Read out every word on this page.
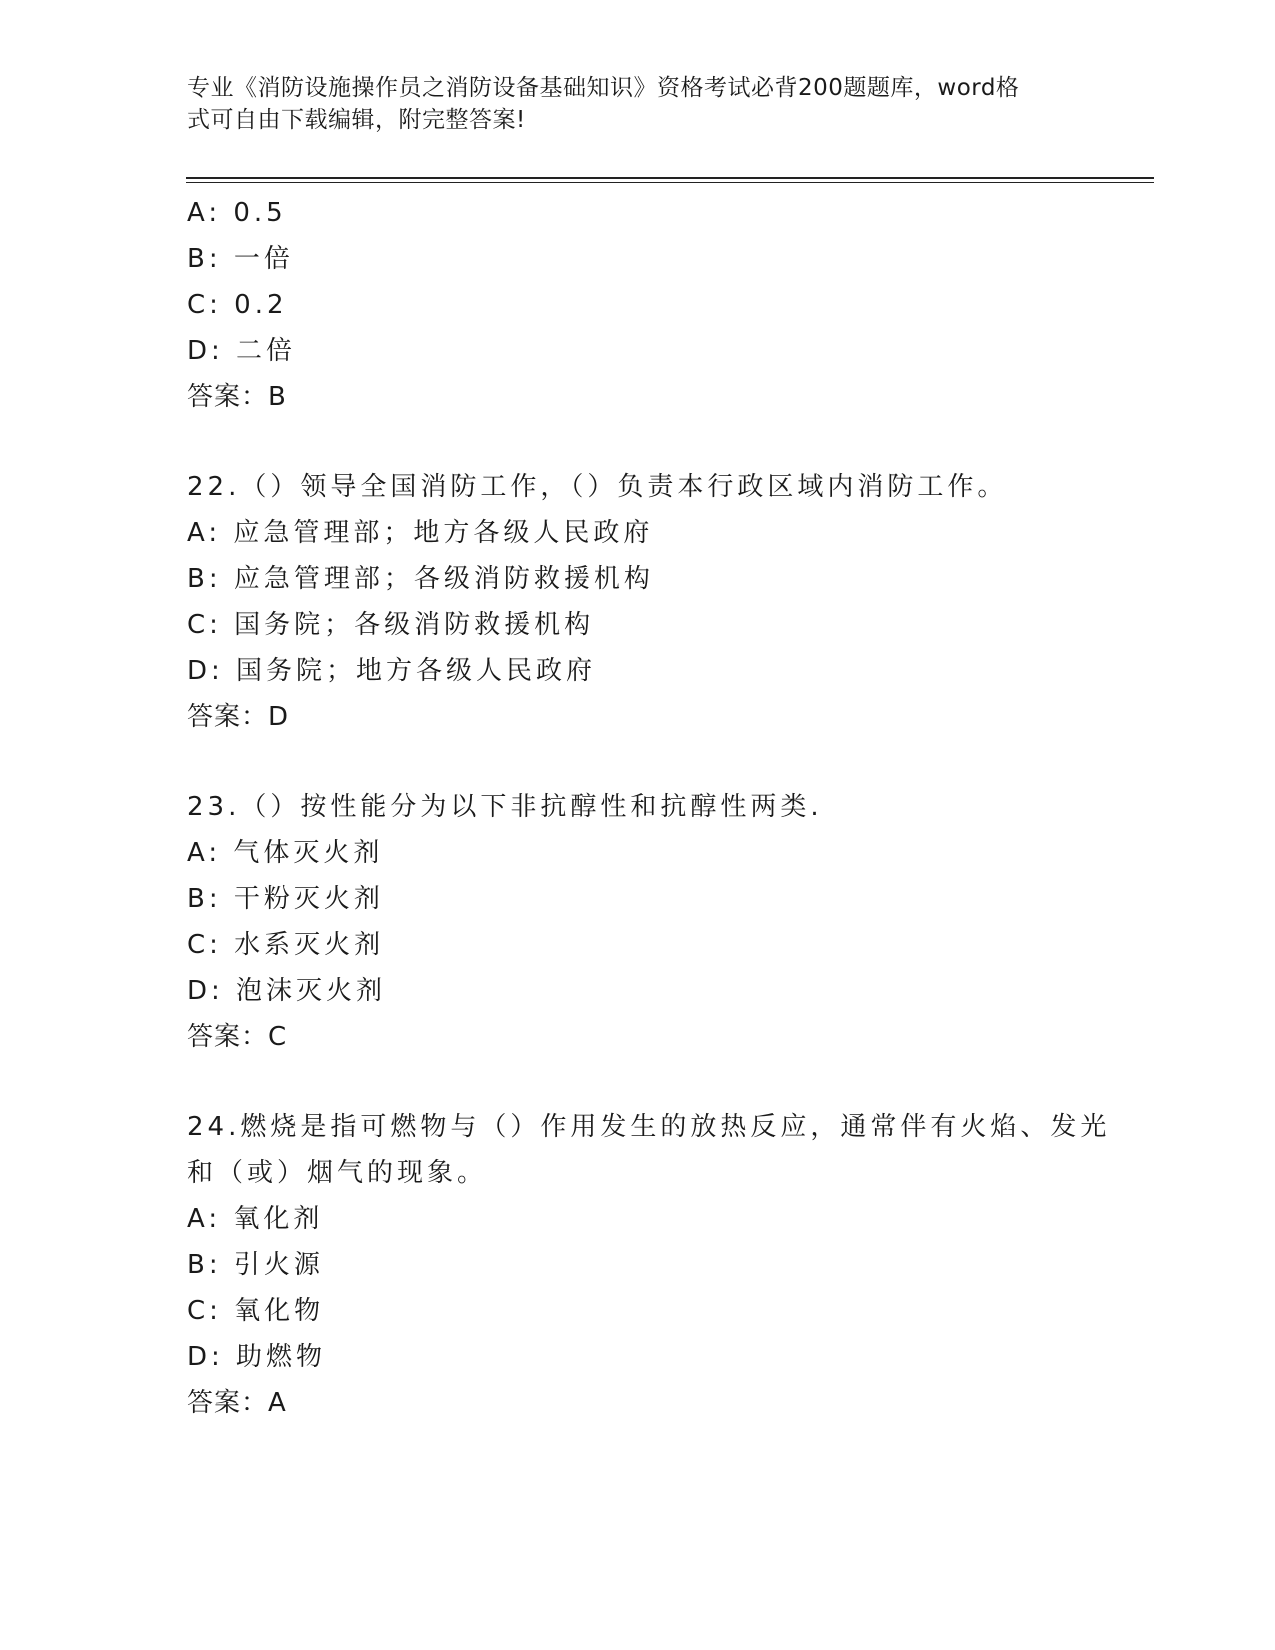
专业《消防设施操作员之消防设备基础知识》资格考试必背200题题库，word格
式可自由下载编辑，附完整答案!
A: 0.5
B: 一倍
C: 0.2
D: 二倍
答案：B
22.（）领导全国消防工作，（）负责本行政区域内消防工作。
A: 应急管理部；地方各级人民政府
B: 应急管理部；各级消防救援机构
C: 国务院；各级消防救援机构
D: 国务院；地方各级人民政府
答案：D
23.（）按性能分为以下非抗醇性和抗醇性两类.
A: 气体灭火剂
B: 干粉灭火剂
C: 水系灭火剂
D: 泡沫灭火剂
答案：C
24.燃烧是指可燃物与（）作用发生的放热反应，通常伴有火焰、发光
和（或）烟气的现象。
A: 氧化剂
B: 引火源
C: 氧化物
D: 助燃物
答案：A
